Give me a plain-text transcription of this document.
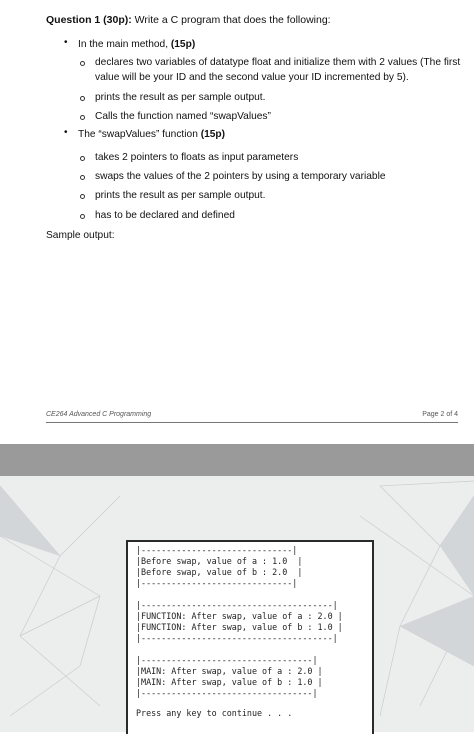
Question 1 (30p): Write a C program that does the following:
• In the main method, (15p)
declares two variables of datatype float and initialize them with 2 values (The first
value will be your ID and the second value your ID incremented by 5).
prints the result as per sample output.
Calls the function named “swapValues”
• The “swapValues” function (15p)
takes 2 pointers to floats as input parameters
swaps the values of the 2 pointers by using a temporary variable
prints the result as per sample output.
has to be declared and defined
Sample output:
CE264 Advanced C Programming	Page 2 of 4
|------------------------------|
|Before swap, value of a : 1.0  |
|Before swap, value of b : 2.0  |
|------------------------------|
|--------------------------------------|
|FUNCTION: After swap, value of a : 2.0 |
|FUNCTION: After swap, value of b : 1.0 |
|--------------------------------------|
|----------------------------------|
|MAIN: After swap, value of a : 2.0 |
|MAIN: After swap, value of b : 1.0 |
|----------------------------------|
Press any key to continue . . .
